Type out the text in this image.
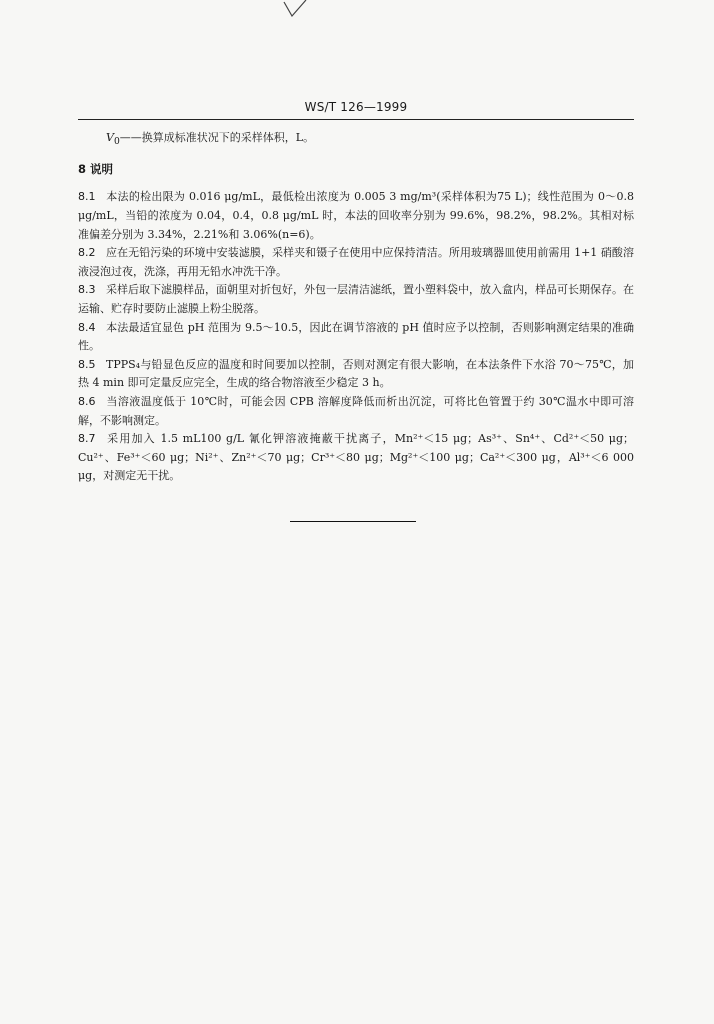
WS/T 126—1999
$V_0——$换算成标准状况下的采样体积，L。
8 说明
8.1 本法的检出限为 0.016 μg/mL，最低检出浓度为 0.005 3 mg/m³(采样体积为75 L)；线性范围为 0～0.8 μg/mL，当铅的浓度为 0.04，0.4，0.8 μg/mL 时，本法的回收率分别为 99.6%，98.2%，98.2%。其相对标准偏差分别为 3.34%，2.21%和 3.06%(n=6)。
8.2 应在无铅污染的环境中安装滤膜，采样夹和镊子在使用中应保持清洁。所用玻璃器皿使用前需用 1+1 硝酸溶液浸泡过夜，洗涤，再用无铅水冲洗干净。
8.3 采样后取下滤膜样品，面朝里对折包好，外包一层清洁滤纸，置小塑料袋中，放入盒内，样品可长期保存。在运输、贮存时要防止滤膜上粉尘脱落。
8.4 本法最适宜显色 pH 范围为 9.5～10.5，因此在调节溶液的 pH 值时应予以控制，否则影响测定结果的准确性。
8.5 TPPS₄与铅显色反应的温度和时间要加以控制，否则对测定有很大影响，在本法条件下水浴 70～75℃，加热 4 min 即可定量反应完全，生成的络合物溶液至少稳定 3 h。
8.6 当溶液温度低于 10℃时，可能会因 CPB 溶解度降低而析出沉淀，可将比色管置于约 30℃温水中即可溶解，不影响测定。
8.7 采用加入 1.5 mL100 g/L 氰化钾溶液掩蔽干扰离子，Mn²⁺＜15 μg；As³⁺、Sn⁴⁺、Cd²⁺＜50 μg；Cu²⁺、Fe³⁺＜60 μg；Ni²⁺、Zn²⁺＜70 μg；Cr³⁺＜80 μg；Mg²⁺＜100 μg；Ca²⁺＜300 μg，Al³⁺＜6 000 μg，对测定无干扰。
